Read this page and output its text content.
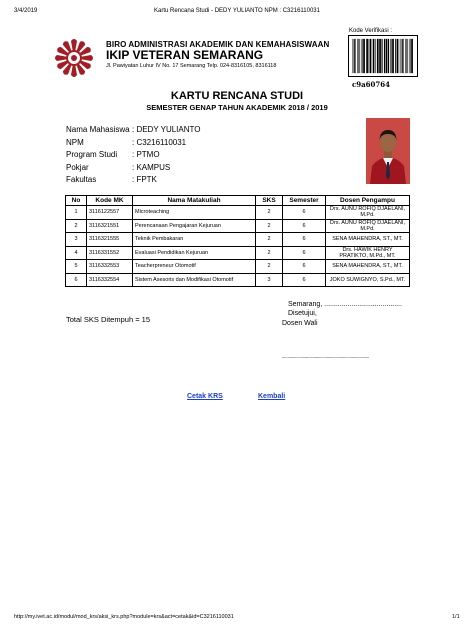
3/4/2019	Kartu Rencana Studi - DEDY YULIANTO NPM : C3216110031
BIRO ADMINISTRASI AKADEMIK DAN KEMAHASISWAAN
IKIP VETERAN SEMARANG
Jl. Pawiyatan Luhur IV No. 17 Semarang Telp. 024-8316105, 8316118
Kode Verifikasi :
c9a60764
KARTU RENCANA STUDI
SEMESTER GENAP TAHUN AKADEMIK 2018 / 2019
Nama Mahasiswa : DEDY YULIANTO
NPM	: C3216110031
Program Studi	: PTMO
Pokjar	: KAMPUS
Fakultas	: FPTK
No	Kode MK	Nama Matakuliah	SKS	Semester	Dosen Pengampu
1	3116122557	Microteaching	2	6	Drs. AUNU ROFIQ DJAELANI, M.Pd.
2	3116321551	Perencanaan Pengajaran Kejuruan	2	6	Drs. AUNU ROFIQ DJAELANI, M.Pd.
3	3116321555	Teknik Pembakaran	2	6	SENA MAHENDRA, ST., MT.
4	3116331552	Evaluasi Pendidikan Kejuruan	2	6	Drs. HAWIK HENRY PRATIKTO, M.Pd., MT.
5	3116332553	Teacherpreneur Otomotif	2	6	SENA MAHENDRA, ST., MT.
6	3116332554	Sistem Asesoris dan Modifikasi Otomotif	3	6	JOKO SUWIGNYO, S.Pd., MT.
Semarang, ........................................
Disetujui,
Dosen Wali
Total SKS Ditempuh = 15
................................................................................
Cetak KRS	Kembali
http://my.ivet.ac.id/modul/mod_krs/aksi_krs.php?module=krs&act=cetak&id=C3216110031	1/1
